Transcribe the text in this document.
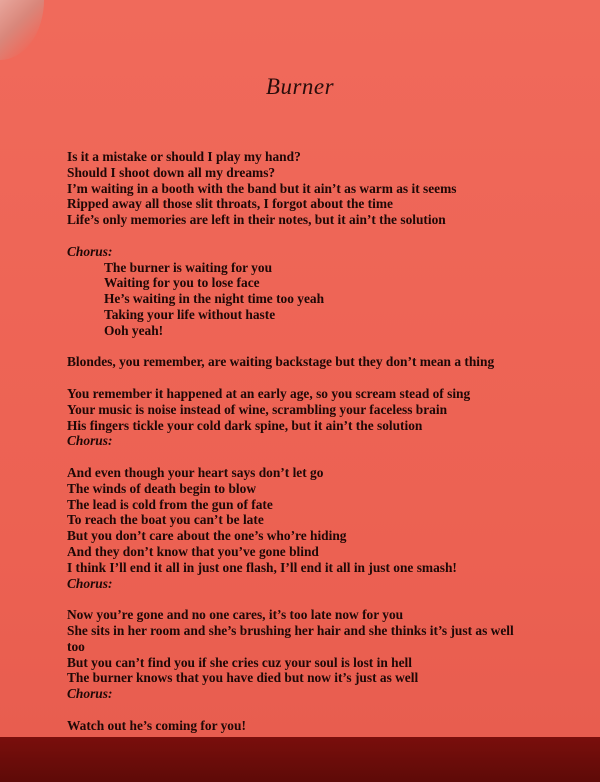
Burner
Is it a mistake or should I play my hand?
Should I shoot down all my dreams?
I’m waiting in a booth with the band but it ain’t as warm as it seems
Ripped away all those slit throats, I forgot about the time
Life’s only memories are left in their notes, but it ain’t the solution
Chorus:
The burner is waiting for you
Waiting for you to lose face
He’s waiting in the night time too yeah
Taking your life without haste
Ooh yeah!
Blondes, you remember, are waiting backstage but they don’t mean a thing
You remember it happened at an early age, so you scream stead of sing
Your music is noise instead of wine, scrambling your faceless brain
His fingers tickle your cold dark spine, but it ain’t the solution
Chorus:
And even though your heart says don’t let go
The winds of death begin to blow
The lead is cold from the gun of fate
To reach the boat you can’t be late
But you don’t care about the one’s who’re hiding
And they don’t know that you’ve gone blind
I think I’ll end it all in just one flash, I’ll end it all in just one smash!
Chorus:
Now you’re gone and no one cares, it’s too late now for you
She sits in her room and she’s brushing her hair and she thinks it’s just as well too
But you can’t find you if she cries cuz your soul is lost in hell
The burner knows that you have died but now it’s just as well
Chorus:
Watch out he’s coming for you!
